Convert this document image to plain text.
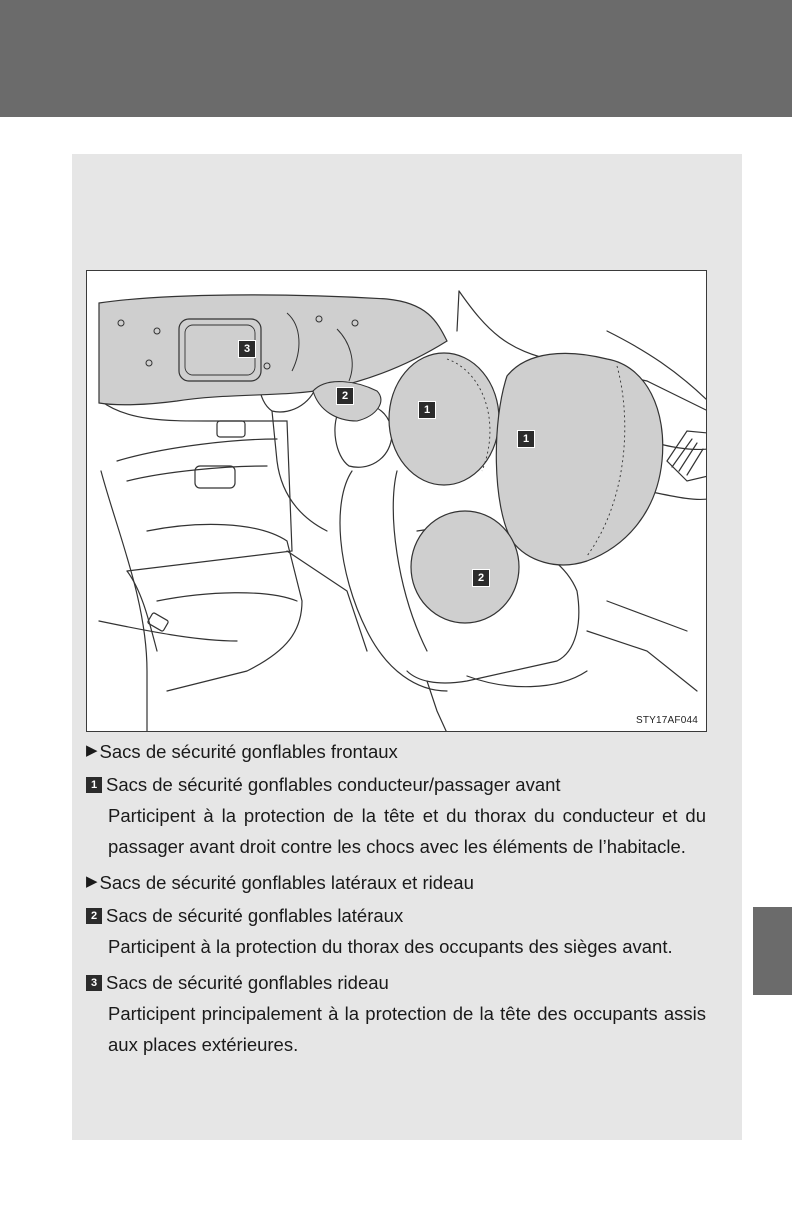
3
2
1
1
2
STY17AF044
▶ Sacs de sécurité gonflables frontaux
1 Sacs de sécurité gonflables conducteur/passager avant
Participent à la protection de la tête et du thorax du conducteur et du passager avant droit contre les chocs avec les éléments de l’habitacle.
▶ Sacs de sécurité gonflables latéraux et rideau
2 Sacs de sécurité gonflables latéraux
Participent à la protection du thorax des occupants des sièges avant.
3 Sacs de sécurité gonflables rideau
Participent principalement à la protection de la tête des occupants assis aux places extérieures.
